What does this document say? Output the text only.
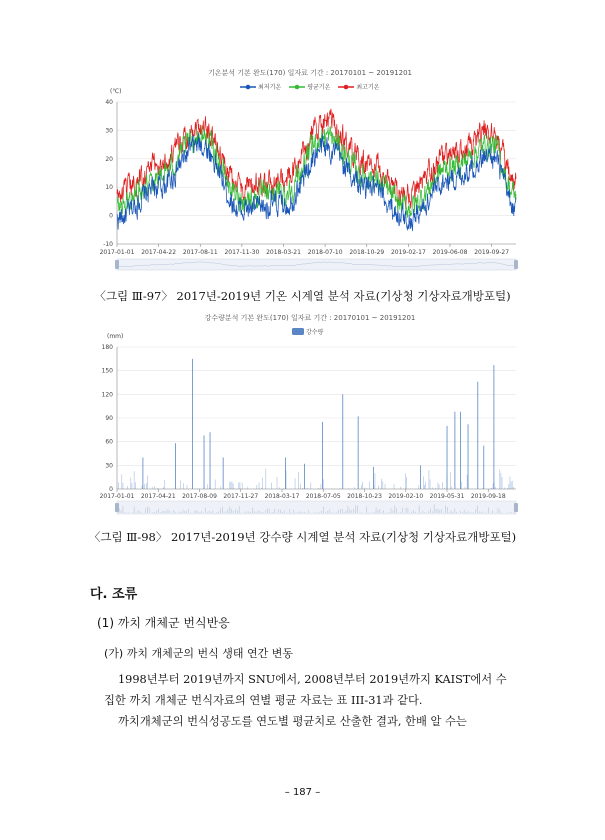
기온분석 기본 완도(170) 일자료 기간 : 20170101 ~ 20191201
최저기온	평균기온	최고기온
(℃)
40
30
20
10
0
-10
2017-01-01 2017-04-22 2017-08-11 2017-11-30 2018-03-21 2018-07-10 2018-10-29 2019-02-17 2019-06-08 2019-09-27
〈그림 Ⅲ-97〉 2017년-2019년 기온 시계열 분석 자료(기상청 기상자료개방포털)
강수량분석 기본 완도(170) 일자료 기간 : 20170101 ~ 20191201
강수량
(mm)
180
150
120
90
60
30
0
2017-01-01 2017-04-21 2017-08-09 2017-11-27 2018-03-17 2018-07-05 2018-10-23 2019-02-10 2019-05-31 2019-09-18
〈그림 Ⅲ-98〉 2017년-2019년 강수량 시계열 분석 자료(기상청 기상자료개방포털)
다. 조류
(1) 까치 개체군 번식반응
(가) 까치 개체군의 번식 생태 연간 변동
1998년부터 2019년까지 SNU에서, 2008년부터 2019년까지 KAIST에서 수
집한 까치 개체군 번식자료의 연별 평균 자료는 표 III-31과 같다.
까치개체군의 번식성공도를 연도별 평균치로 산출한 결과, 한배 알 수는
– 187 –
